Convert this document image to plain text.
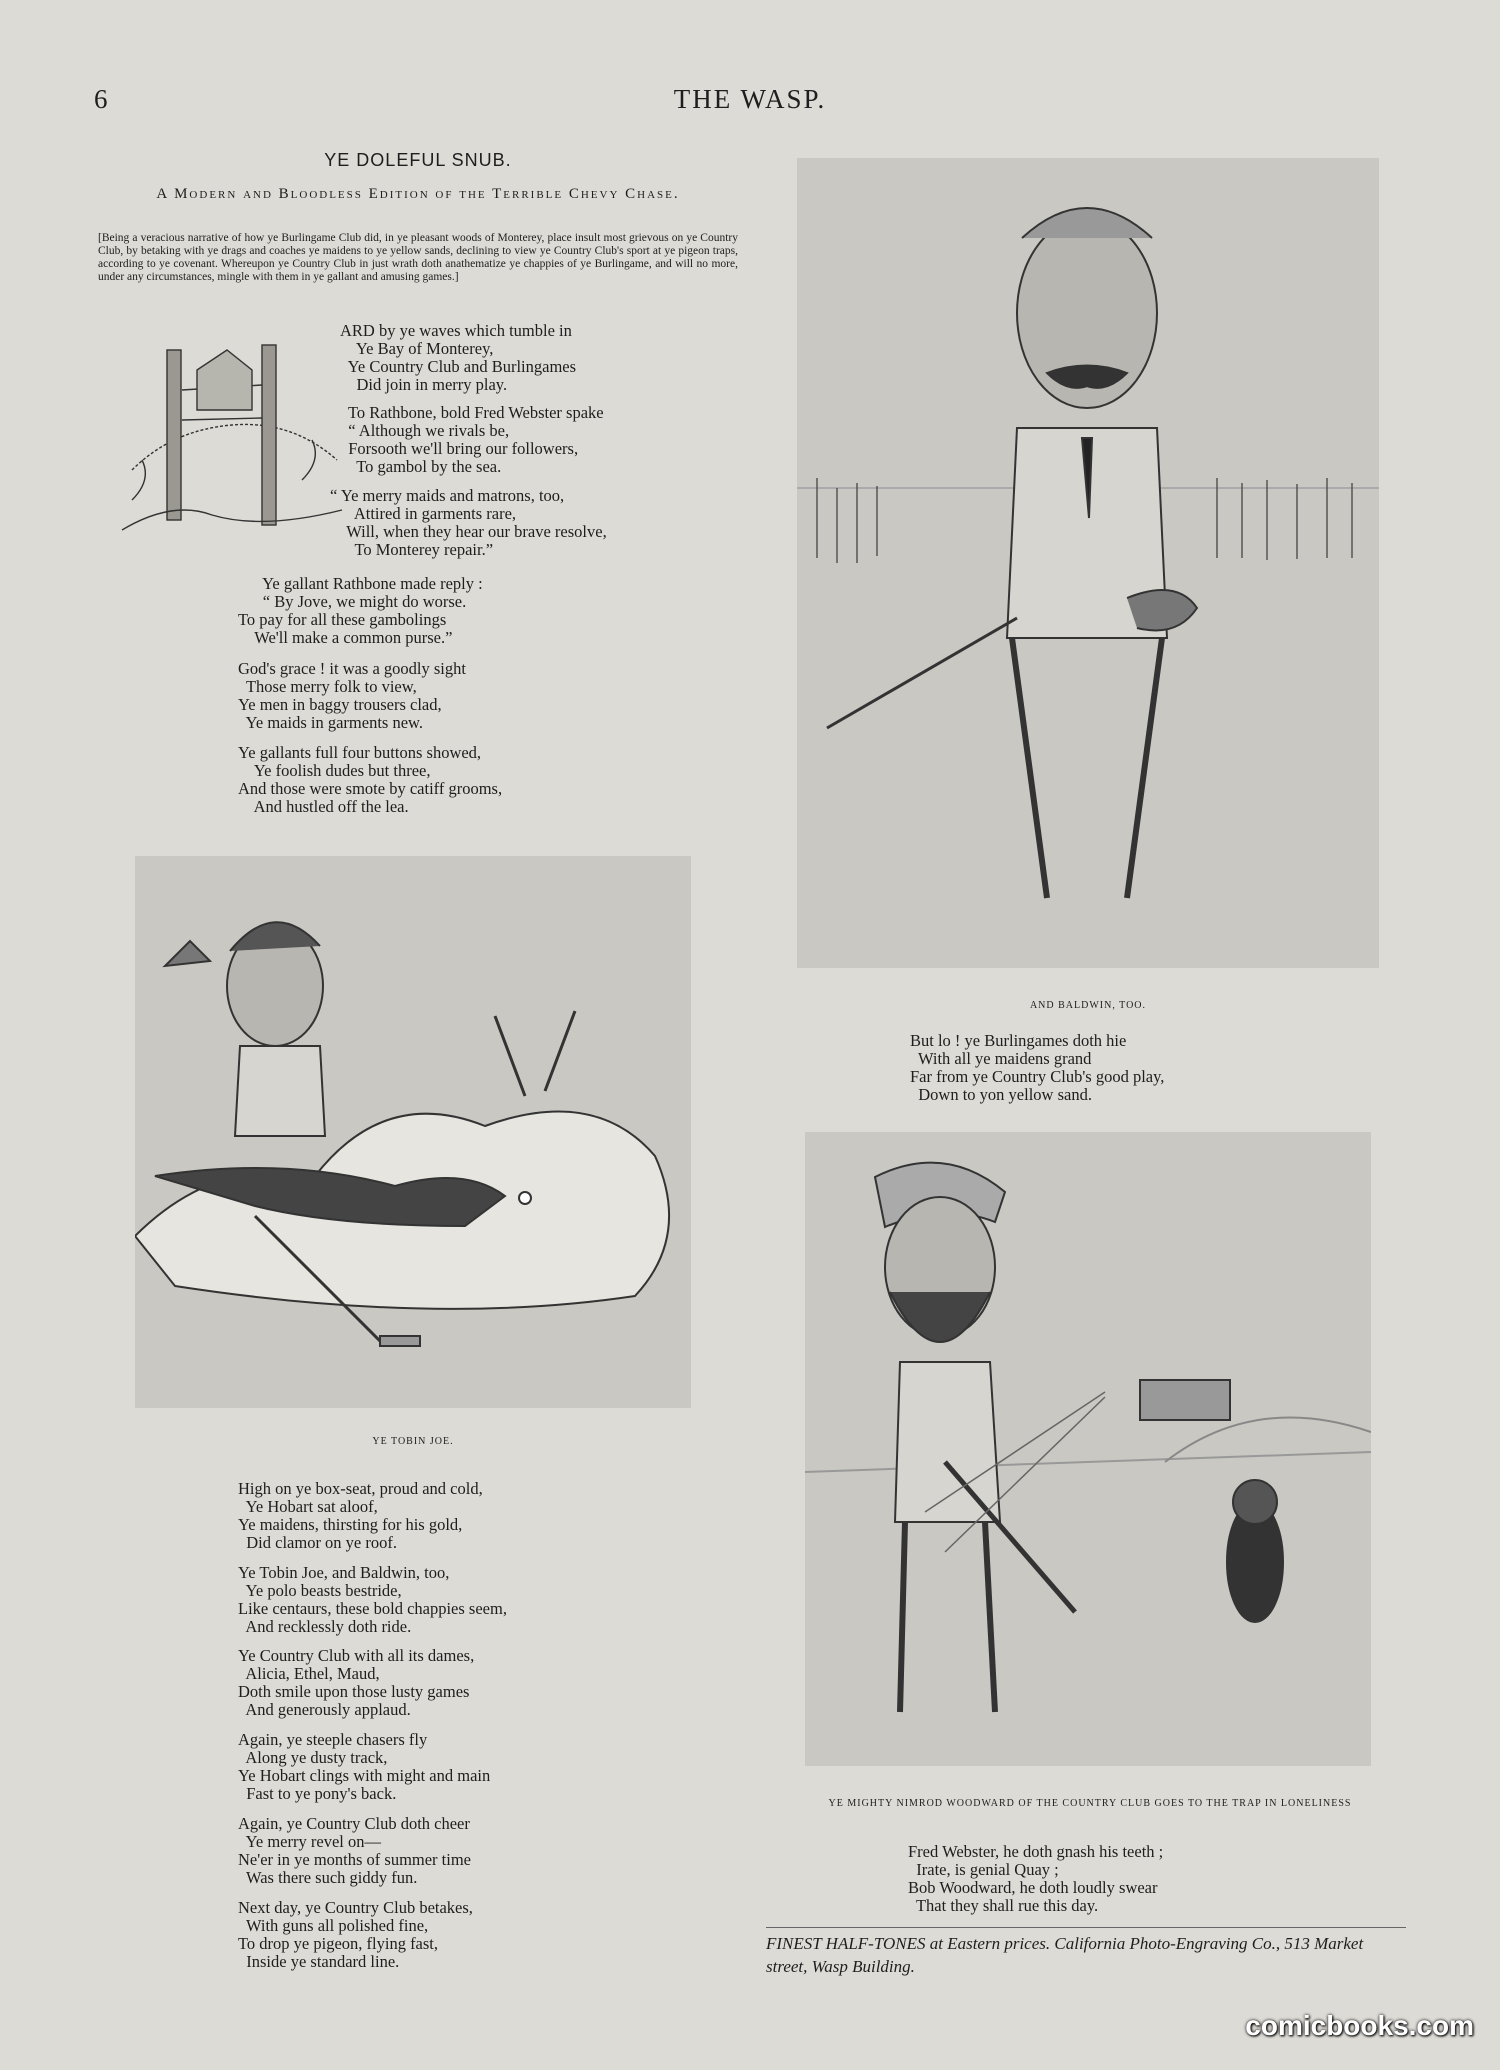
6	THE WASP.
YE DOLEFUL SNUB.
A Modern and Bloodless Edition of the Terrible Chevy Chase.
[Being a veracious narrative of how ye Burlingame Club did, in ye pleasant woods of Monterey, place insult most grievous on ye Country Club, by betaking with ye drags and coaches ye maidens to ye yellow sands, declining to view ye Country Club's sport at ye pigeon traps, according to ye covenant. Whereupon ye Country Club in just wrath doth anathematize ye chappies of ye Burlingame, and will no more, under any circumstances, mingle with them in ye gallant and amusing games.]
ARD by ye waves which tumble in
Ye Bay of Monterey,
Ye Country Club and Burlingames
Did join in merry play.
To Rathbone, bold Fred Webster spake
“ Although we rivals be,
Forsooth we'll bring our followers,
To gambol by the sea.
“ Ye merry maids and matrons, too,
Attired in garments rare,
Will, when they hear our brave resolve,
To Monterey repair.”
Ye gallant Rathbone made reply :
“ By Jove, we might do worse.
To pay for all these gambolings
We'll make a common purse.”
God's grace ! it was a goodly sight
Those merry folk to view,
Ye men in baggy trousers clad,
Ye maids in garments new.
Ye gallants full four buttons showed,
Ye foolish dudes but three,
And those were smote by catiff grooms,
And hustled off the lea.
AND BALDWIN, TOO.
But lo ! ye Burlingames doth hie
With all ye maidens grand
Far from ye Country Club's good play,
Down to yon yellow sand.
YE TOBIN JOE.
High on ye box-seat, proud and cold,
Ye Hobart sat aloof,
Ye maidens, thirsting for his gold,
Did clamor on ye roof.
Ye Tobin Joe, and Baldwin, too,
Ye polo beasts bestride,
Like centaurs, these bold chappies seem,
And recklessly doth ride.
Ye Country Club with all its dames,
Alicia, Ethel, Maud,
Doth smile upon those lusty games
And generously applaud.
Again, ye steeple chasers fly
Along ye dusty track,
Ye Hobart clings with might and main
Fast to ye pony's back.
Again, ye Country Club doth cheer
Ye merry revel on—
Ne'er in ye months of summer time
Was there such giddy fun.
Next day, ye Country Club betakes,
With guns all polished fine,
To drop ye pigeon, flying fast,
Inside ye standard line.
YE MIGHTY NIMROD WOODWARD OF THE COUNTRY CLUB GOES TO THE TRAP IN LONELINESS
Fred Webster, he doth gnash his teeth ;
Irate, is genial Quay ;
Bob Woodward, he doth loudly swear
That they shall rue this day.
FINEST HALF-TONES at Eastern prices. California Photo-Engraving Co., 513 Market street, Wasp Building.
comicbooks.com
